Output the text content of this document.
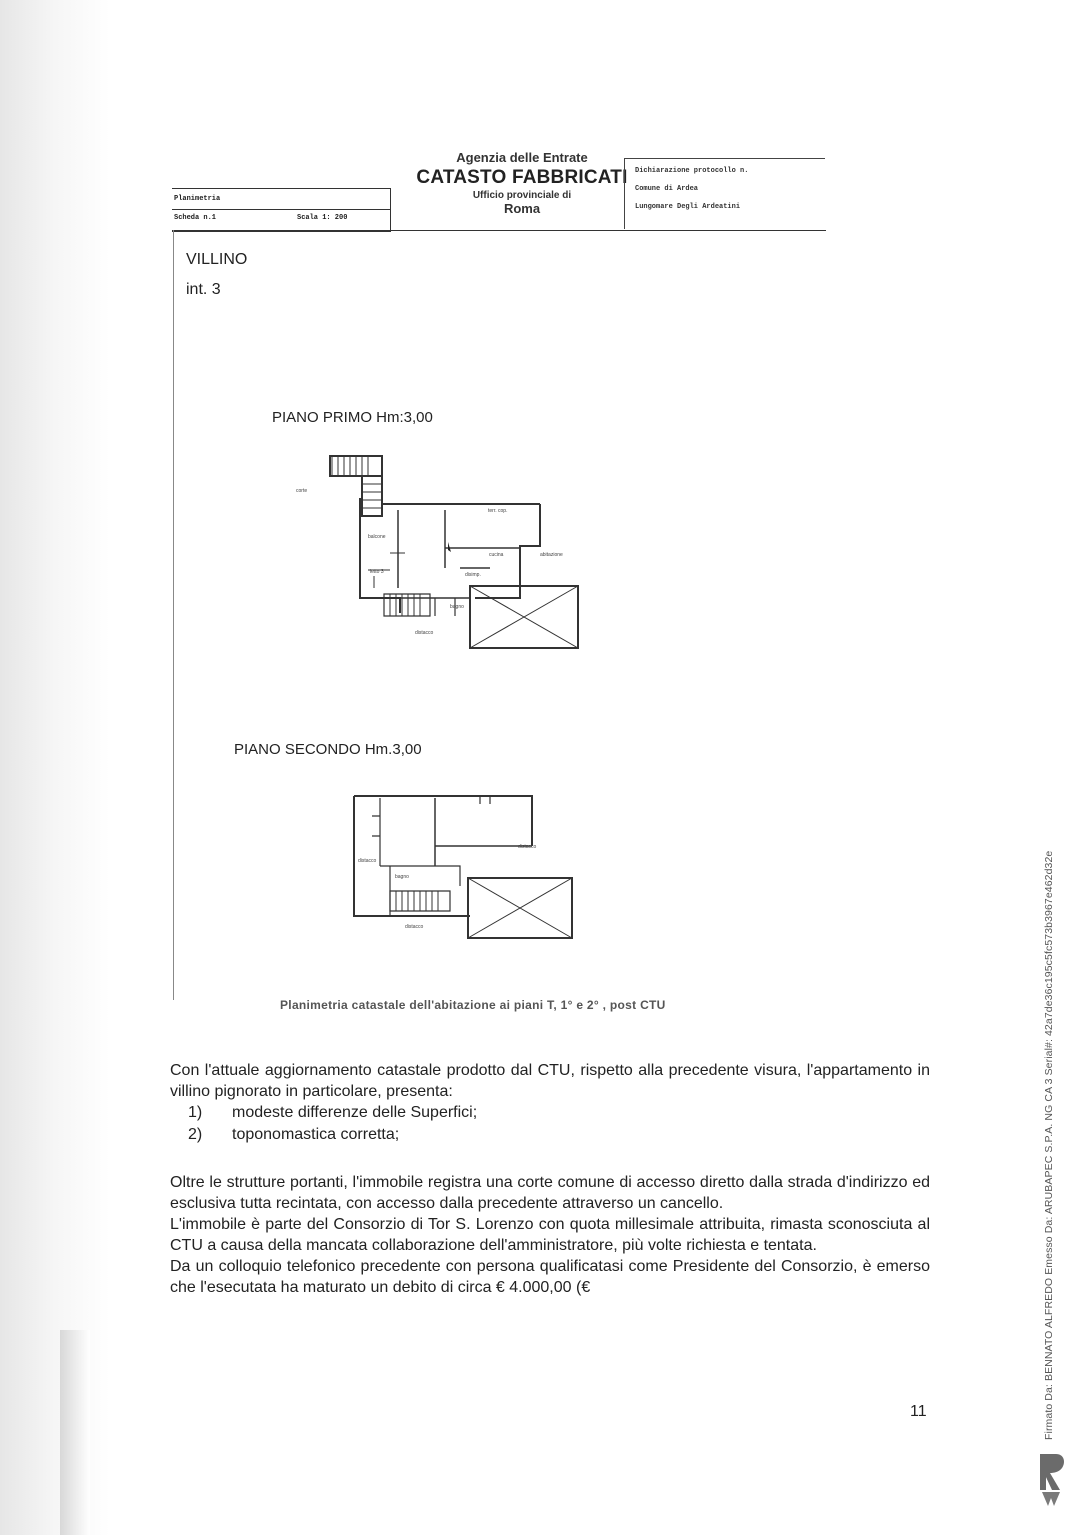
Agenzia delle Entrate
CATASTO FABBRICATI
Ufficio provinciale di
Roma
Planimetria
Scheda n.1	Scala 1: 200
Dichiarazione protocollo n.
Comune di Ardea
Lungomare Degli Ardeatini
VILLINO
int. 3
PIANO PRIMO Hm:3,00
corte
terr. cop.
balcone
cucina
disimp.
abitazione
letto 3
bagno
distacco
PIANO SECONDO Hm.3,00
bagno
distacco
distacco
distacco
Planimetria catastale dell'abitazione ai piani T, 1° e 2° , post CTU
Con l'attuale aggiornamento catastale prodotto dal CTU, rispetto alla precedente visura, l'appartamento in villino pignorato in particolare, presenta:
1) modeste differenze delle Superfici;
2) toponomastica corretta;
Oltre le strutture portanti, l'immobile registra una corte comune di accesso diretto dalla strada d'indirizzo ed esclusiva tutta recintata, con accesso dalla precedente attraverso un cancello.
L'immobile è parte del Consorzio di Tor S. Lorenzo con quota millesimale attribuita, rimasta sconosciuta al CTU a causa della mancata collaborazione dell'amministratore, più volte richiesta e tentata.
Da un colloquio telefonico precedente con persona qualificatasi come Presidente del Consorzio, è emerso che l'esecutata ha maturato un debito di circa € 4.000,00 (€
11	Firmato Da: BENNATO ALFREDO Emesso Da: ARUBAPEC S.P.A. NG CA 3 Serial#: 42a7de36c195c5fc573b3967e462d32e
